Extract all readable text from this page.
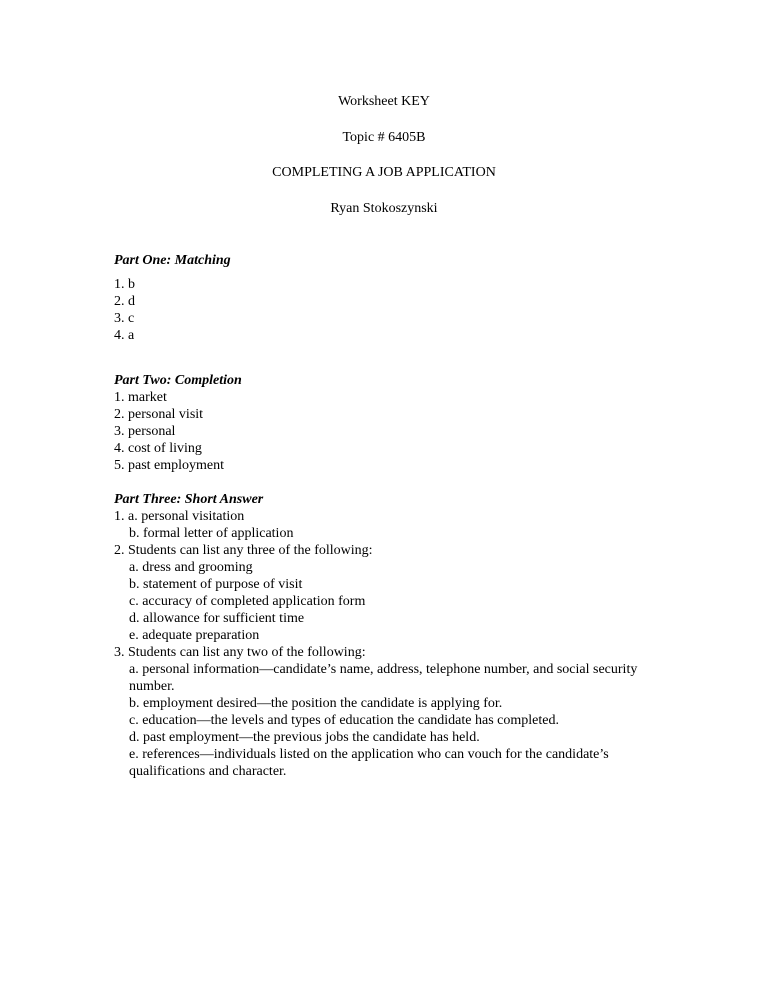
Worksheet KEY
Topic # 6405B
COMPLETING A JOB APPLICATION
Ryan Stokoszynski
Part One: Matching
1. b
2. d
3. c
4. a
Part Two: Completion
1. market
2. personal visit
3. personal
4. cost of living
5. past employment
Part Three: Short Answer
1. a. personal visitation
b. formal letter of application
2. Students can list any three of the following:
a. dress and grooming
b. statement of purpose of visit
c. accuracy of completed application form
d. allowance for sufficient time
e. adequate preparation
3. Students can list any two of the following:
a. personal information—candidate’s name, address, telephone number, and social security number.
b. employment desired—the position the candidate is applying for.
c. education—the levels and types of education the candidate has completed.
d. past employment—the previous jobs the candidate has held.
e. references—individuals listed on the application who can vouch for the candidate’s qualifications and character.
